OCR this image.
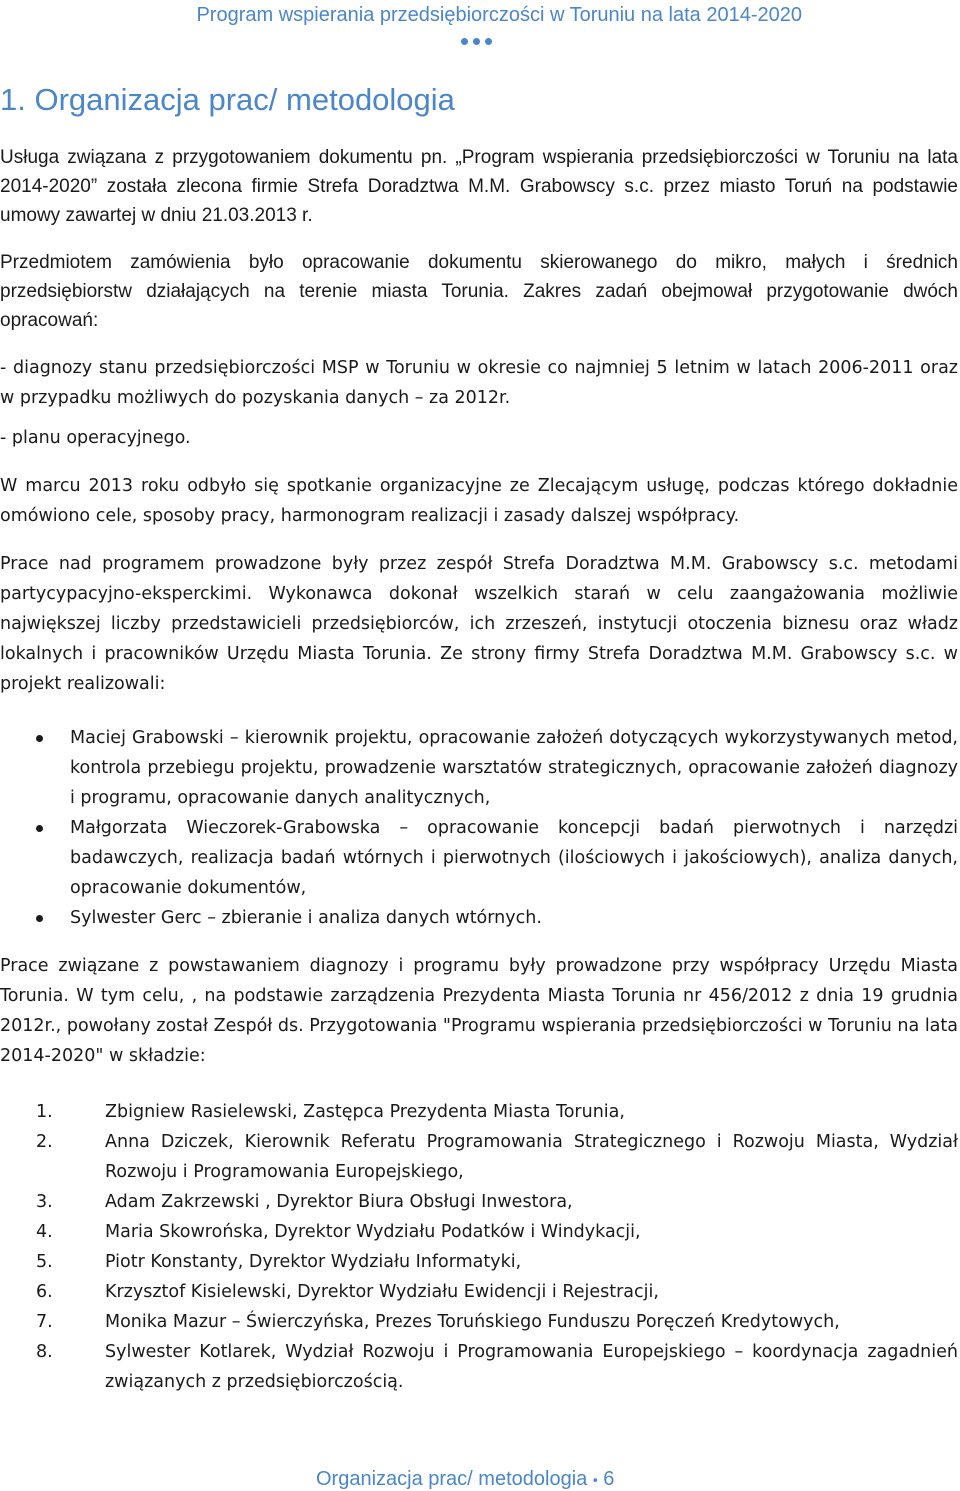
Program wspierania przedsiębiorczości w Toruniu na lata 2014-2020
1. Organizacja prac/ metodologia

Usługa związana z przygotowaniem dokumentu pn. „Program wspierania przedsiębiorczości w Toruniu na lata 2014-2020” została zlecona firmie Strefa Doradztwa M.M. Grabowscy s.c. przez miasto Toruń na podstawie umowy zawartej w dniu 21.03.2013 r.

Przedmiotem zamówienia było opracowanie dokumentu skierowanego do mikro, małych i średnich przedsiębiorstw działających na terenie miasta Torunia. Zakres zadań obejmował przygotowanie dwóch opracowań:

- diagnozy stanu przedsiębiorczości MSP w Toruniu w okresie co najmniej 5 letnim w latach 2006-2011 oraz w przypadku możliwych do pozyskania danych – za 2012r.

- planu operacyjnego.

W marcu 2013 roku odbyło się spotkanie organizacyjne ze Zlecającym usługę, podczas którego dokładnie omówiono cele, sposoby pracy, harmonogram realizacji i zasady dalszej współpracy.

Prace nad programem prowadzone były przez zespół Strefa Doradztwa M.M. Grabowscy s.c. metodami partycypacyjno-eksperckimi. Wykonawca dokonał wszelkich starań w celu zaangażowania możliwie największej liczby przedstawicieli przedsiębiorców, ich zrzeszeń, instytucji otoczenia biznesu oraz władz lokalnych i pracowników Urzędu Miasta Torunia. Ze strony firmy Strefa Doradztwa M.M. Grabowscy s.c. w projekt realizowali:

Maciej Grabowski – kierownik projektu, opracowanie założeń dotyczących wykorzystywanych metod, kontrola przebiegu projektu, prowadzenie warsztatów strategicznych, opracowanie założeń diagnozy i programu, opracowanie danych analitycznych,
Małgorzata Wieczorek-Grabowska – opracowanie koncepcji badań pierwotnych i narzędzi badawczych, realizacja badań wtórnych i pierwotnych (ilościowych i jakościowych), analiza danych, opracowanie dokumentów,
Sylwester Gerc – zbieranie i analiza danych wtórnych.

Prace związane z powstawaniem diagnozy i programu były prowadzone przy współpracy Urzędu Miasta Torunia. W tym celu, , na podstawie zarządzenia Prezydenta Miasta Torunia nr 456/2012 z dnia 19 grudnia 2012r., powołany został Zespół ds. Przygotowania "Programu wspierania przedsiębiorczości w Toruniu na lata 2014-2020" w składzie:

1.	Zbigniew Rasielewski, Zastępca Prezydenta Miasta Torunia,
2.	Anna Dziczek, Kierownik Referatu Programowania Strategicznego i Rozwoju Miasta, Wydział Rozwoju i Programowania Europejskiego,
3.	Adam Zakrzewski , Dyrektor Biura Obsługi Inwestora,
4.	Maria Skowrońska, Dyrektor Wydziału Podatków i Windykacji,
5.	Piotr Konstanty, Dyrektor Wydziału Informatyki,
6.	Krzysztof Kisielewski, Dyrektor Wydziału Ewidencji i Rejestracji,
7.	Monika Mazur – Świerczyńska, Prezes Toruńskiego Funduszu Poręczeń Kredytowych,
8.	Sylwester Kotlarek, Wydział Rozwoju i Programowania Europejskiego – koordynacja zagadnień związanych z przedsiębiorczością.
Organizacja prac/ metodologia • 6
